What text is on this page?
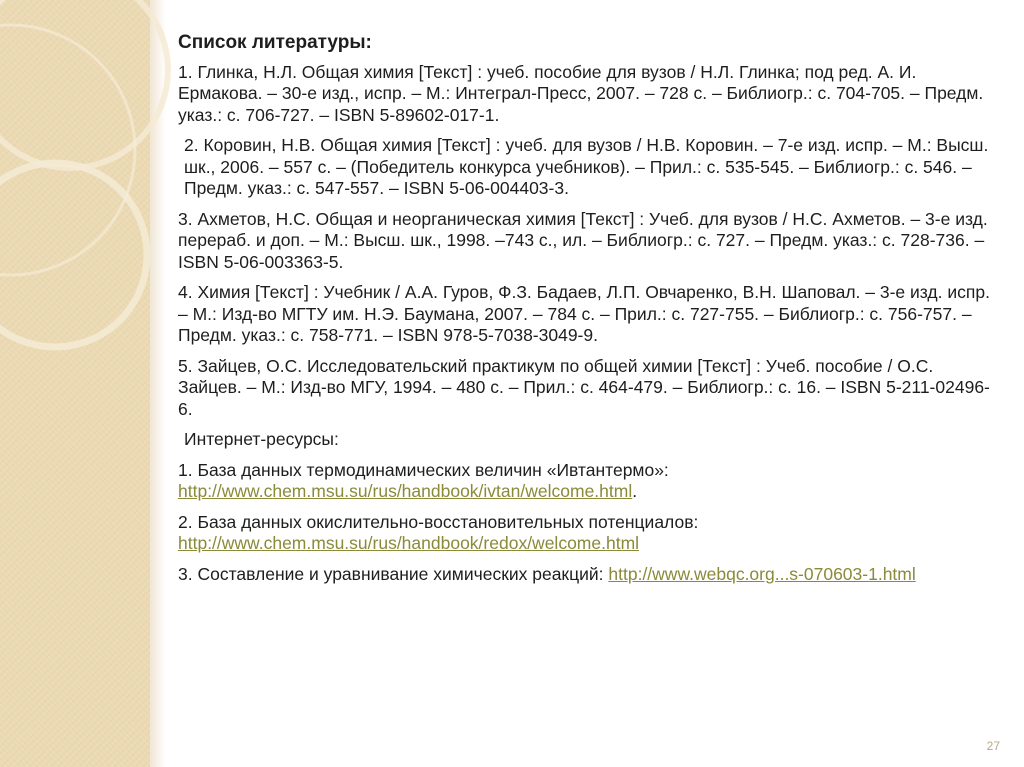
Список литературы:
1. Глинка, Н.Л. Общая химия [Текст] : учеб. пособие для вузов / Н.Л. Глинка; под ред. А. И. Ермакова. – 30-е изд., испр. – М.: Интеграл-Пресс, 2007. – 728 с. – Библиогр.: с. 704-705. – Предм. указ.: с. 706-727. – ISBN 5-89602-017-1.
2. Коровин, Н.В. Общая химия [Текст] : учеб. для вузов / Н.В. Коровин. – 7-е изд. испр. – М.: Высш. шк., 2006. – 557 с. – (Победитель конкурса учебников). – Прил.: с. 535-545. – Библиогр.: с. 546. – Предм. указ.: с. 547-557. – ISBN 5-06-004403-3.
3. Ахметов, Н.С. Общая и неорганическая химия [Текст] : Учеб. для вузов / Н.С. Ахметов. – 3-е изд. перераб. и доп. – М.: Высш. шк., 1998. –743 с., ил. – Библиогр.: с. 727. – Предм. указ.: с. 728-736. – ISBN 5-06-003363-5.
4. Химия [Текст] : Учебник / А.А. Гуров, Ф.З. Бадаев, Л.П. Овчаренко, В.Н. Шаповал. – 3-е изд. испр. – М.: Изд-во МГТУ им. Н.Э. Баумана, 2007. – 784 с. – Прил.: с. 727-755. – Библиогр.: с. 756-757. – Предм. указ.: с. 758-771. – ISBN 978-5-7038-3049-9.
5. Зайцев, О.С. Исследовательский практикум по общей химии [Текст] : Учеб. пособие / О.С. Зайцев. – М.: Изд-во МГУ, 1994. – 480 с. – Прил.: с. 464-479. – Библиогр.: с. 16. – ISBN 5-211-02496-6.
Интернет-ресурсы:
1. База данных термодинамических величин «Ивтантермо»: http://www.chem.msu.su/rus/handbook/ivtan/welcome.html.
2. База данных окислительно-восстановительных потенциалов: http://www.chem.msu.su/rus/handbook/redox/welcome.html
3. Составление и уравнивание химических реакций: http://www.webqc.org...s-070603-1.html
27
